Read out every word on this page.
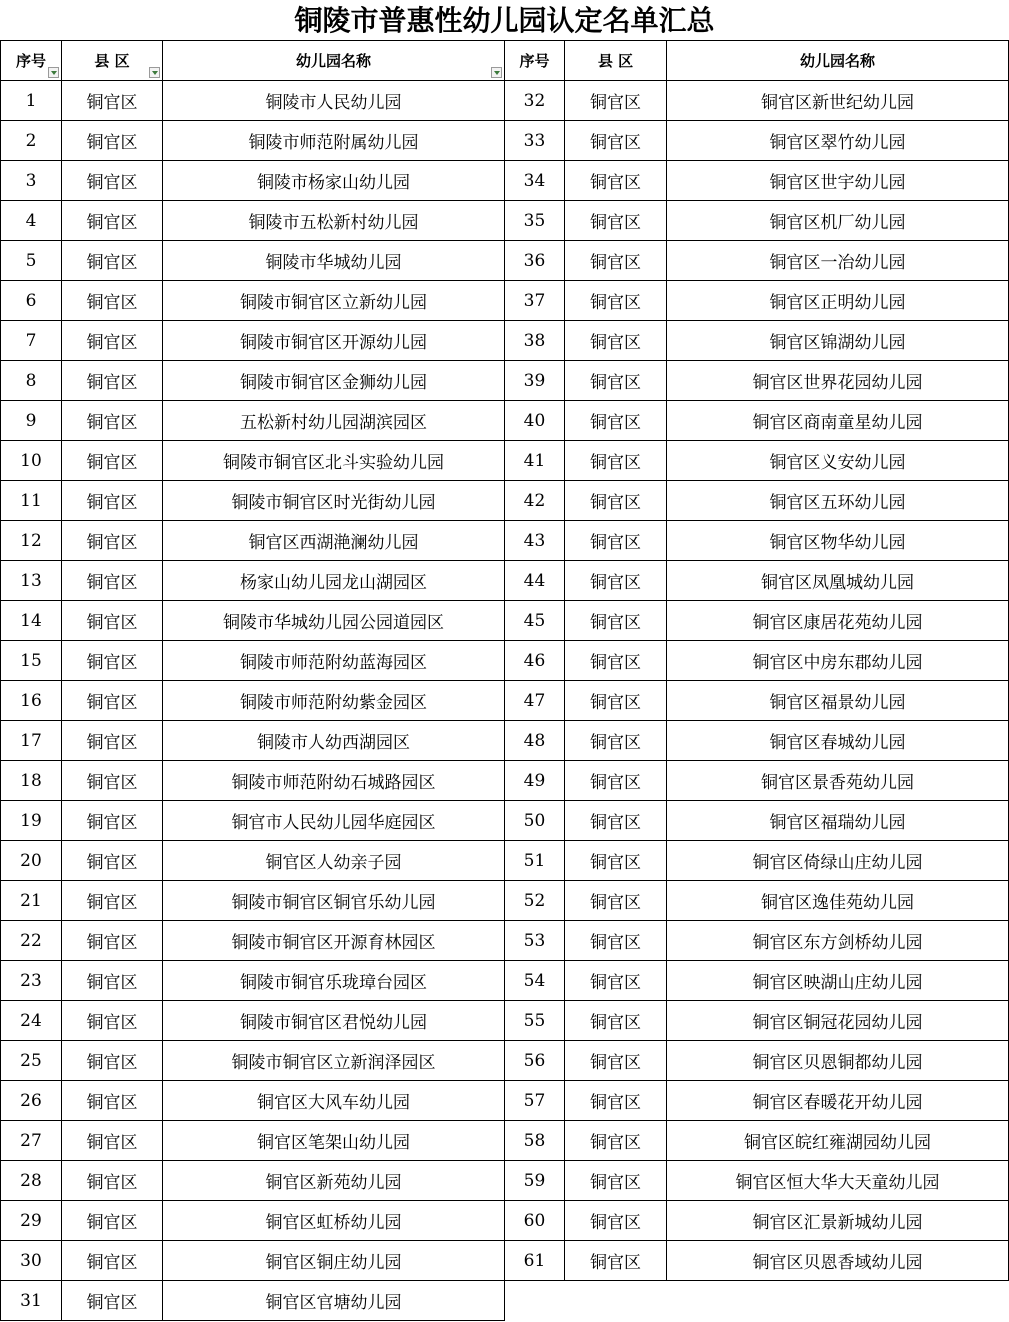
铜陵市普惠性幼儿园认定名单汇总
序号	县 区	幼儿园名称	序号	县 区	幼儿园名称
1	铜官区	铜陵市人民幼儿园	32	铜官区	铜官区新世纪幼儿园
2	铜官区	铜陵市师范附属幼儿园	33	铜官区	铜官区翠竹幼儿园
3	铜官区	铜陵市杨家山幼儿园	34	铜官区	铜官区世宇幼儿园
4	铜官区	铜陵市五松新村幼儿园	35	铜官区	铜官区机厂幼儿园
5	铜官区	铜陵市华城幼儿园	36	铜官区	铜官区一冶幼儿园
6	铜官区	铜陵市铜官区立新幼儿园	37	铜官区	铜官区正明幼儿园
7	铜官区	铜陵市铜官区开源幼儿园	38	铜官区	铜官区锦湖幼儿园
8	铜官区	铜陵市铜官区金狮幼儿园	39	铜官区	铜官区世界花园幼儿园
9	铜官区	五松新村幼儿园湖滨园区	40	铜官区	铜官区商南童星幼儿园
10	铜官区	铜陵市铜官区北斗实验幼儿园	41	铜官区	铜官区义安幼儿园
11	铜官区	铜陵市铜官区时光街幼儿园	42	铜官区	铜官区五环幼儿园
12	铜官区	铜官区西湖滟澜幼儿园	43	铜官区	铜官区物华幼儿园
13	铜官区	杨家山幼儿园龙山湖园区	44	铜官区	铜官区凤凰城幼儿园
14	铜官区	铜陵市华城幼儿园公园道园区	45	铜官区	铜官区康居花苑幼儿园
15	铜官区	铜陵市师范附幼蓝海园区	46	铜官区	铜官区中房东郡幼儿园
16	铜官区	铜陵市师范附幼紫金园区	47	铜官区	铜官区福景幼儿园
17	铜官区	铜陵市人幼西湖园区	48	铜官区	铜官区春城幼儿园
18	铜官区	铜陵市师范附幼石城路园区	49	铜官区	铜官区景香苑幼儿园
19	铜官区	铜官市人民幼儿园华庭园区	50	铜官区	铜官区福瑞幼儿园
20	铜官区	铜官区人幼亲子园	51	铜官区	铜官区倚绿山庄幼儿园
21	铜官区	铜陵市铜官区铜官乐幼儿园	52	铜官区	铜官区逸佳苑幼儿园
22	铜官区	铜陵市铜官区开源育林园区	53	铜官区	铜官区东方剑桥幼儿园
23	铜官区	铜陵市铜官乐珑璋台园区	54	铜官区	铜官区映湖山庄幼儿园
24	铜官区	铜陵市铜官区君悦幼儿园	55	铜官区	铜官区铜冠花园幼儿园
25	铜官区	铜陵市铜官区立新润泽园区	56	铜官区	铜官区贝恩铜都幼儿园
26	铜官区	铜官区大风车幼儿园	57	铜官区	铜官区春暖花开幼儿园
27	铜官区	铜官区笔架山幼儿园	58	铜官区	铜官区皖红雍湖园幼儿园
28	铜官区	铜官区新苑幼儿园	59	铜官区	铜官区恒大华大天童幼儿园
29	铜官区	铜官区虹桥幼儿园	60	铜官区	铜官区汇景新城幼儿园
30	铜官区	铜官区铜庄幼儿园	61	铜官区	铜官区贝恩香域幼儿园
31	铜官区	铜官区官塘幼儿园			
